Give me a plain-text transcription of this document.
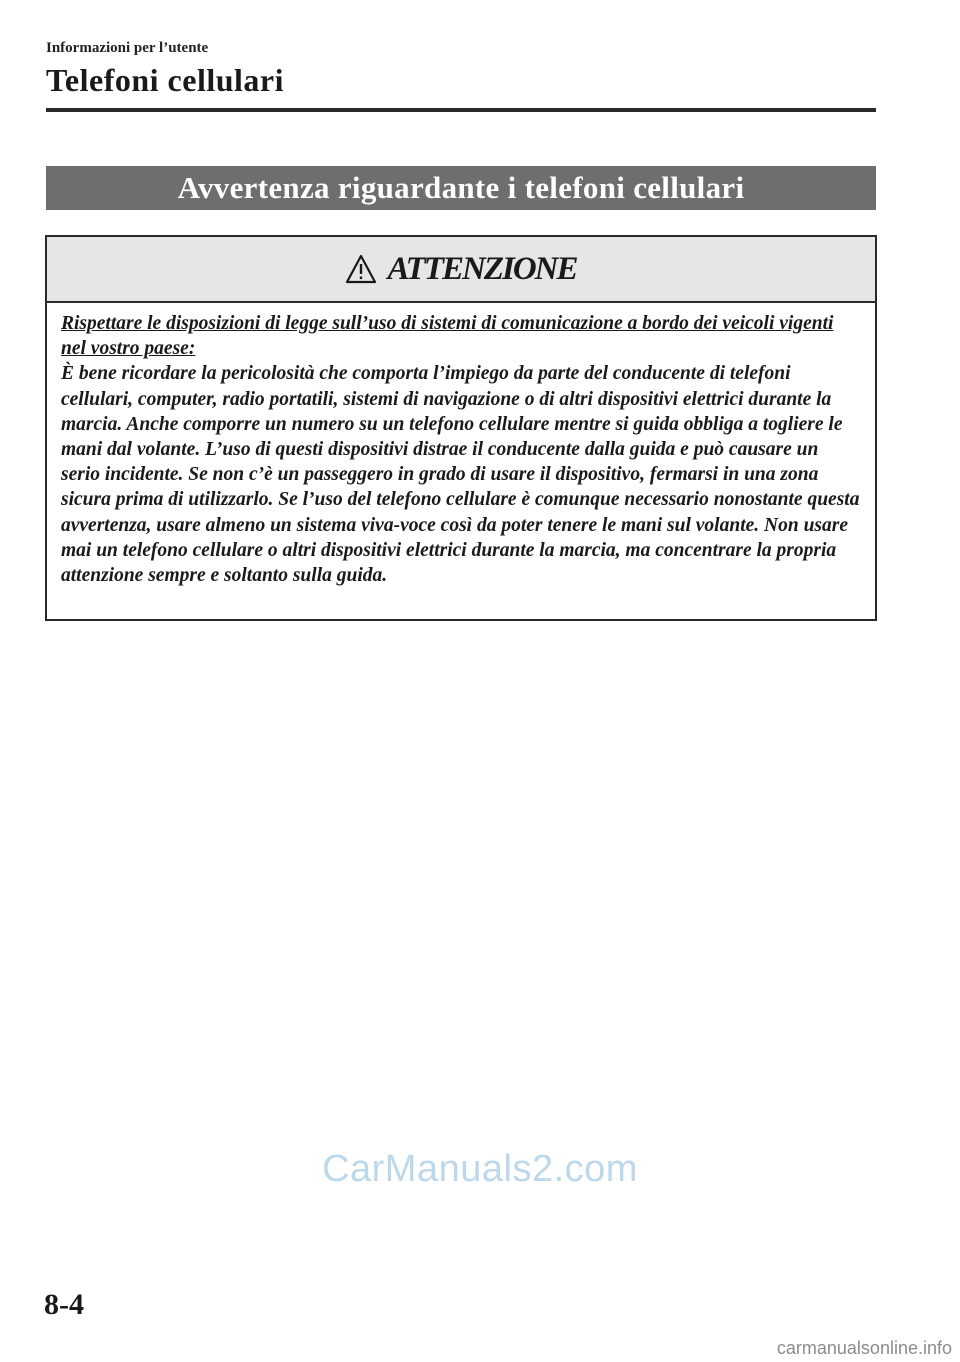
Informazioni per l’utente
Telefoni cellulari
Avvertenza riguardante i telefoni cellulari
ATTENZIONE

Rispettare le disposizioni di legge sull’uso di sistemi di comunicazione a bordo dei veicoli vigenti nel vostro paese:

È bene ricordare la pericolosità che comporta l’impiego da parte del conducente di telefoni cellulari, computer, radio portatili, sistemi di navigazione o di altri dispositivi elettrici durante la marcia. Anche comporre un numero su un telefono cellulare mentre si guida obbliga a togliere le mani dal volante. L’uso di questi dispositivi distrae il conducente dalla guida e può causare un serio incidente. Se non c’è un passeggero in grado di usare il dispositivo, fermarsi in una zona sicura prima di utilizzarlo. Se l’uso del telefono cellulare è comunque necessario nonostante questa avvertenza, usare almeno un sistema viva-voce così da poter tenere le mani sul volante. Non usare mai un telefono cellulare o altri dispositivi elettrici durante la marcia, ma concentrare la propria attenzione sempre e soltanto sulla guida.

CarManuals2.com
8-4
carmanualsonline.info
